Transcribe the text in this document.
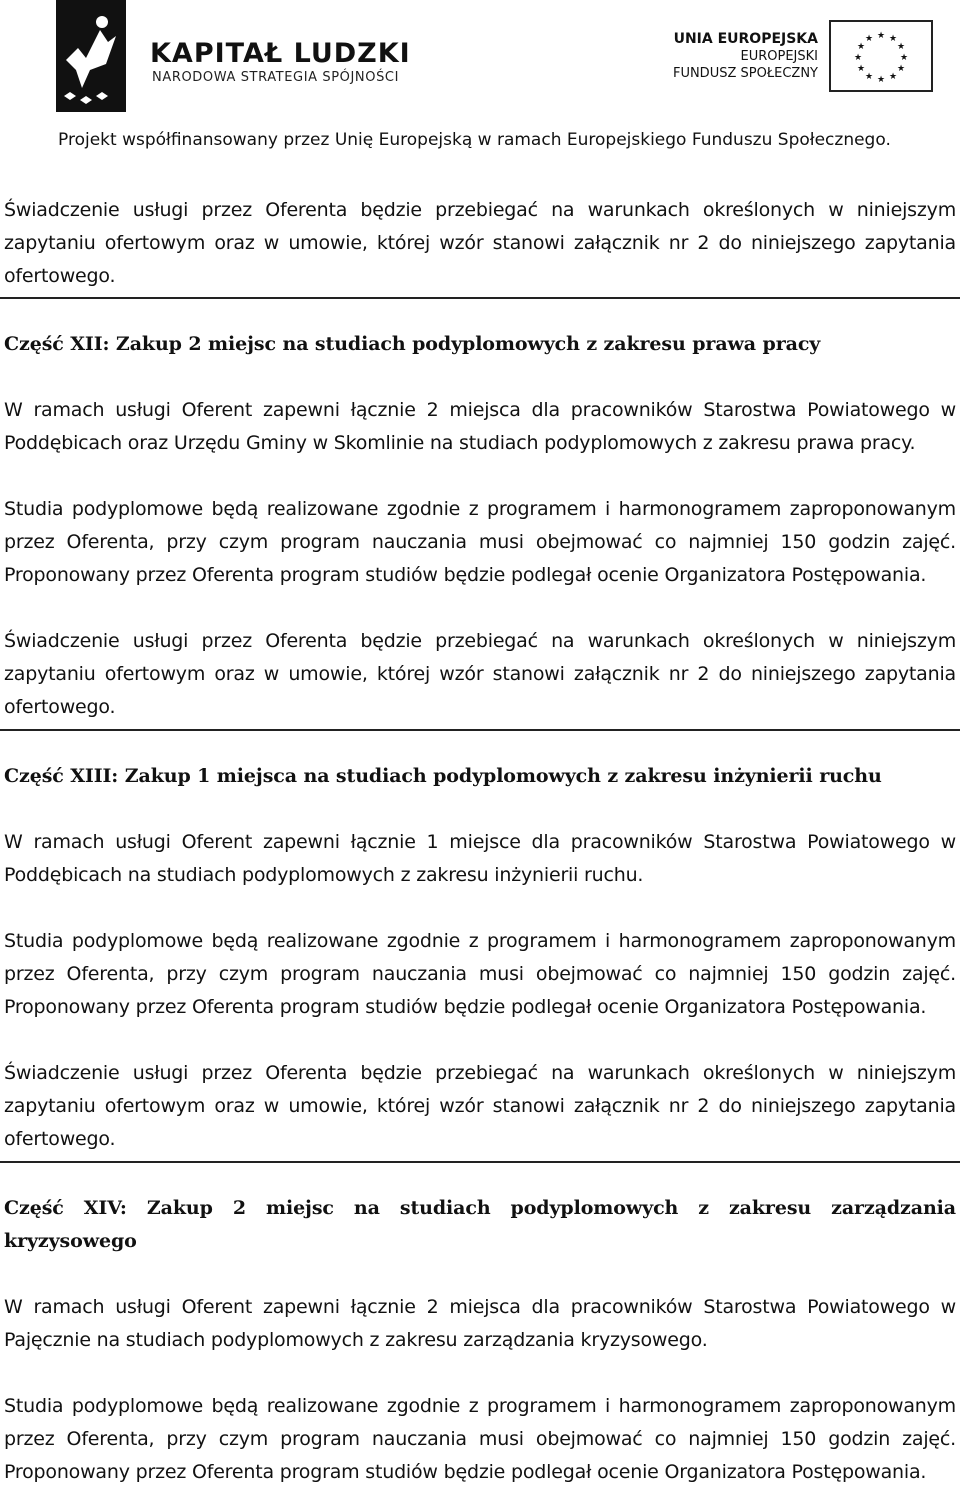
KAPITAŁ LUDZKI
NARODOWA STRATEGIA SPÓJNOŚCI
UNIA EUROPEJSKA
EUROPEJSKI
FUNDUSZ SPOŁECZNY
★ ★
★
★
★
★
★
★
★
★
★
★
Projekt współfinansowany przez Unię Europejską w ramach Europejskiego Funduszu Społecznego.

Świadczenie usługi przez Oferenta będzie przebiegać na warunkach określonych w niniejszym zapytaniu ofertowym oraz w umowie, której wzór stanowi załącznik nr 2 do niniejszego zapytania ofertowego.

Część XII: Zakup 2 miejsc na studiach podyplomowych z zakresu prawa pracy

W ramach usługi Oferent zapewni łącznie 2 miejsca dla pracowników Starostwa Powiatowego w Poddębicach oraz Urzędu Gminy w Skomlinie na studiach podyplomowych z zakresu prawa pracy.

Studia podyplomowe będą realizowane zgodnie z programem i harmonogramem zaproponowanym przez Oferenta, przy czym program nauczania musi obejmować co najmniej 150 godzin zajęć. Proponowany przez Oferenta program studiów będzie podlegał ocenie Organizatora Postępowania.

Świadczenie usługi przez Oferenta będzie przebiegać na warunkach określonych w niniejszym zapytaniu ofertowym oraz w umowie, której wzór stanowi załącznik nr 2 do niniejszego zapytania ofertowego.

Część XIII: Zakup 1 miejsca na studiach podyplomowych z zakresu inżynierii ruchu

W ramach usługi Oferent zapewni łącznie 1 miejsce dla pracowników Starostwa Powiatowego w Poddębicach na studiach podyplomowych z zakresu inżynierii ruchu.

Studia podyplomowe będą realizowane zgodnie z programem i harmonogramem zaproponowanym przez Oferenta, przy czym program nauczania musi obejmować co najmniej 150 godzin zajęć. Proponowany przez Oferenta program studiów będzie podlegał ocenie Organizatora Postępowania.

Świadczenie usługi przez Oferenta będzie przebiegać na warunkach określonych w niniejszym zapytaniu ofertowym oraz w umowie, której wzór stanowi załącznik nr 2 do niniejszego zapytania ofertowego.

Część XIV: Zakup 2 miejsc na studiach podyplomowych z zakresu zarządzania kryzysowego

W ramach usługi Oferent zapewni łącznie 2 miejsca dla pracowników Starostwa Powiatowego w Pajęcznie na studiach podyplomowych z zakresu zarządzania kryzysowego.

Studia podyplomowe będą realizowane zgodnie z programem i harmonogramem zaproponowanym przez Oferenta, przy czym program nauczania musi obejmować co najmniej 150 godzin zajęć. Proponowany przez Oferenta program studiów będzie podlegał ocenie Organizatora Postępowania.
